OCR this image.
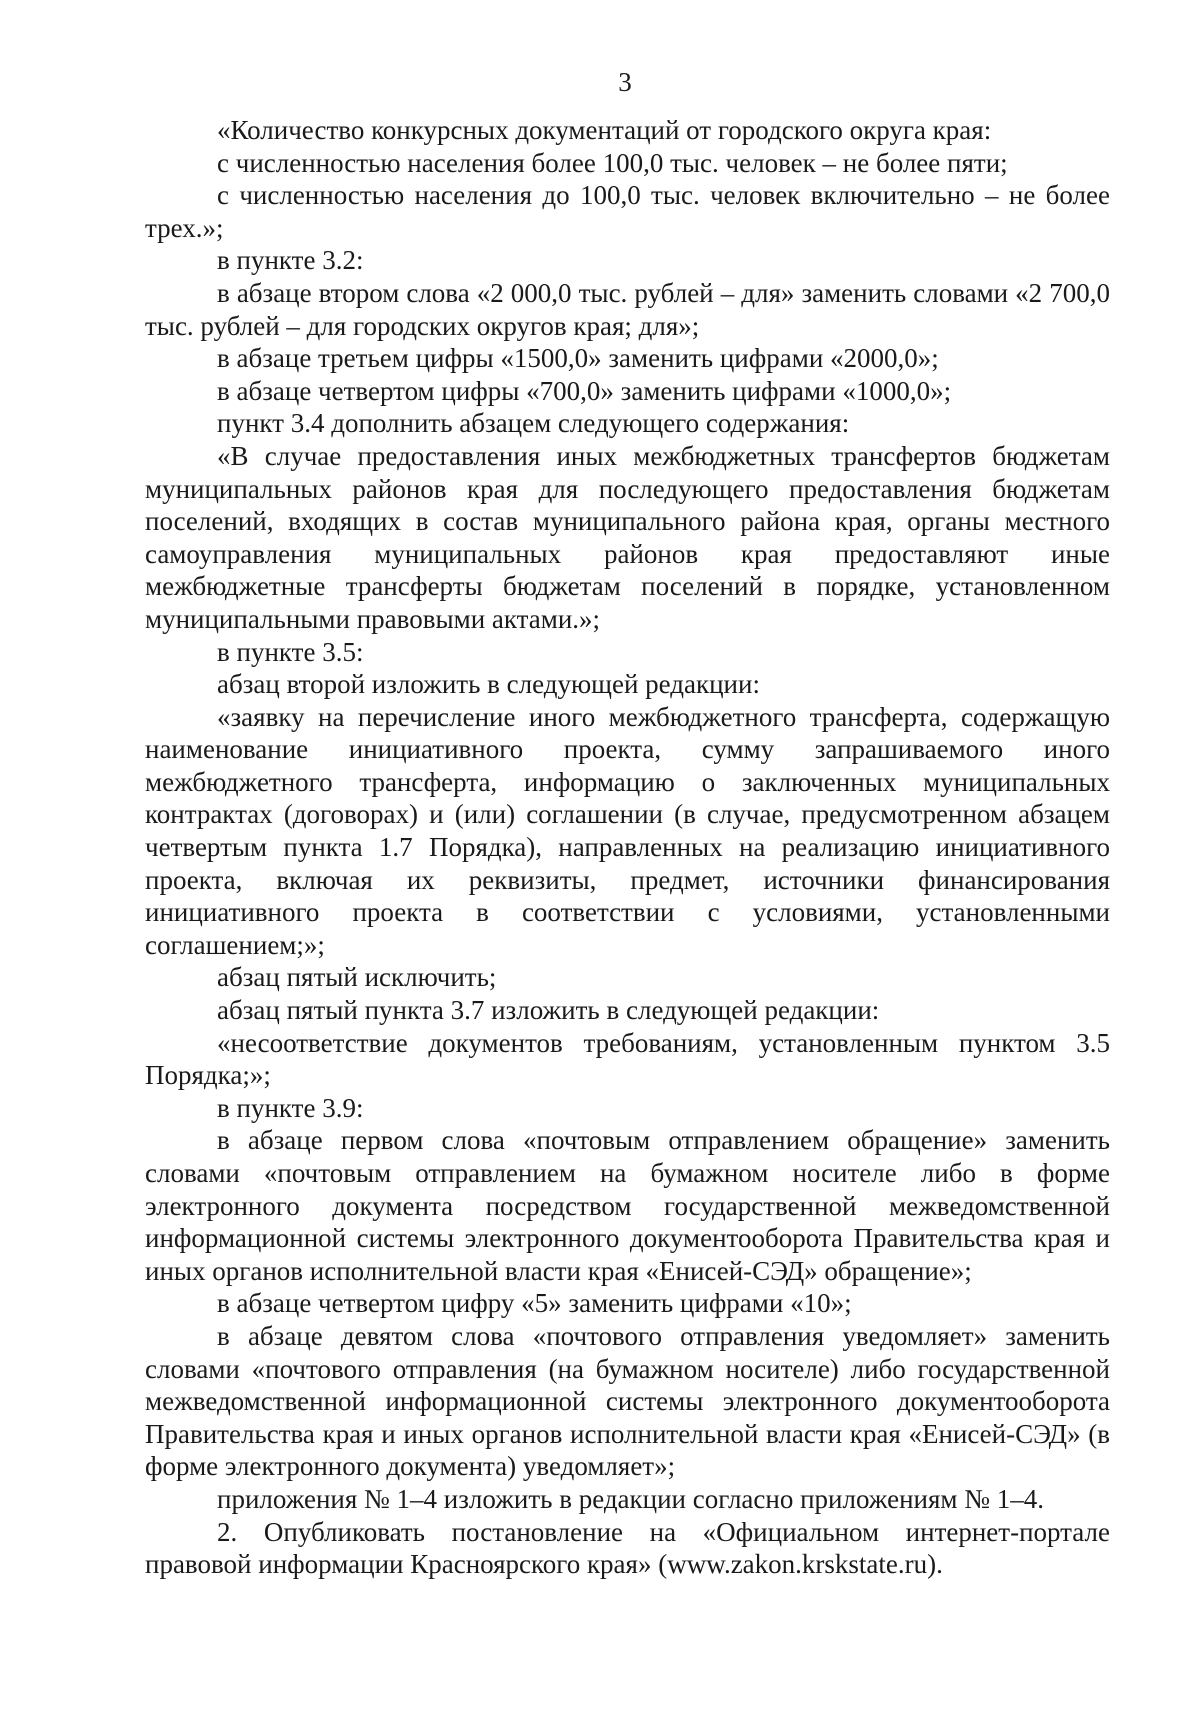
3

«Количество конкурсных документаций от городского округа края:

с численностью населения более 100,0 тыс. человек – не более пяти;

с численностью населения до 100,0 тыс. человек включительно – не более трех.»;

в пункте 3.2:

в абзаце втором слова «2 000,0 тыс. рублей – для» заменить словами «2 700,0 тыс. рублей – для городских округов края; для»;

в абзаце третьем цифры «1500,0» заменить цифрами «2000,0»;

в абзаце четвертом цифры «700,0» заменить цифрами «1000,0»;

пункт 3.4 дополнить абзацем следующего содержания:

«В случае предоставления иных межбюджетных трансфертов бюджетам муниципальных районов края для последующего предоставления бюджетам поселений, входящих в состав муниципального района края, органы местного самоуправления муниципальных районов края предоставляют иные межбюджетные трансферты бюджетам поселений в порядке, установленном муниципальными правовыми актами.»;

в пункте 3.5:

абзац второй изложить в следующей редакции:

«заявку на перечисление иного межбюджетного трансферта, содержащую наименование инициативного проекта, сумму запрашиваемого иного межбюджетного трансферта, информацию о заключенных муниципальных контрактах (договорах) и (или) соглашении (в случае, предусмотренном абзацем четвертым пункта 1.7 Порядка), направленных на реализацию инициативного проекта, включая их реквизиты, предмет, источники финансирования инициативного проекта в соответствии с условиями, установленными соглашением;»;

абзац пятый исключить;

абзац пятый пункта 3.7 изложить в следующей редакции:

«несоответствие документов требованиям, установленным пунктом 3.5 Порядка;»;

в пункте 3.9:

в абзаце первом слова «почтовым отправлением обращение» заменить словами «почтовым отправлением на бумажном носителе либо в форме электронного документа посредством государственной межведомственной информационной системы электронного документооборота Правительства края и иных органов исполнительной власти края «Енисей-СЭД» обращение»;

в абзаце четвертом цифру «5» заменить цифрами «10»;

в абзаце девятом слова «почтового отправления уведомляет» заменить словами «почтового отправления (на бумажном носителе) либо государственной межведомственной информационной системы электронного документооборота Правительства края и иных органов исполнительной власти края «Енисей-СЭД» (в форме электронного документа) уведомляет»;

приложения № 1–4 изложить в редакции согласно приложениям № 1–4.

2. Опубликовать постановление на «Официальном интернет-портале правовой информации Красноярского края» (www.zakon.krskstate.ru).
